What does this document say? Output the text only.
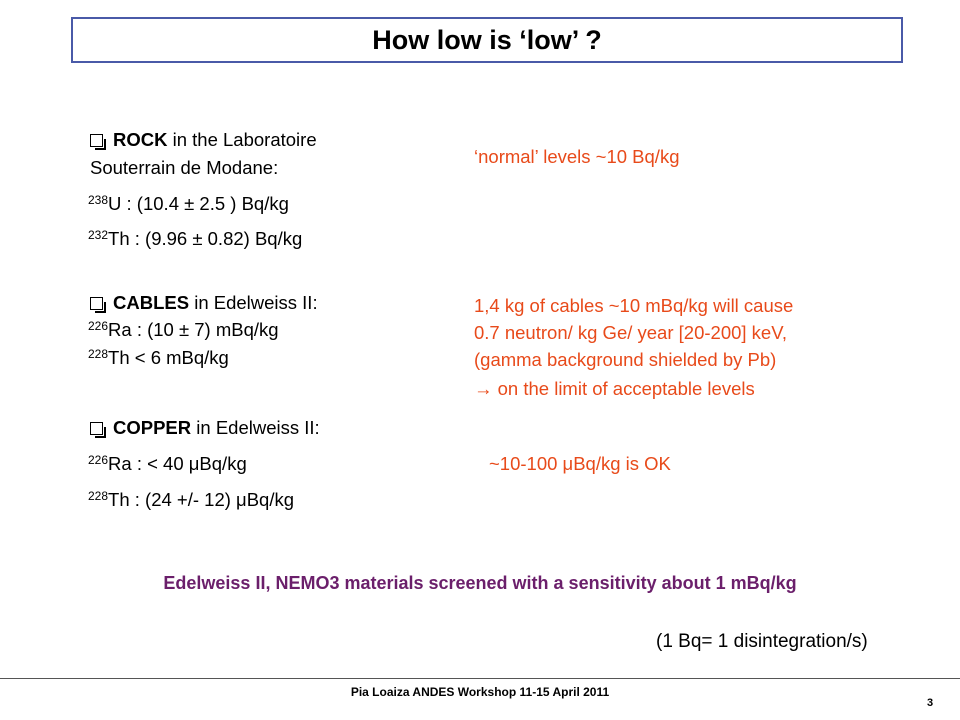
How low is ‘low’ ?
ROCK in the Laboratoire
Souterrain de Modane:
$^{238}$U : (10.4 ± 2.5 ) Bq/kg
$^{232}$Th : (9.96 ± 0.82) Bq/kg
‘normal’ levels ~10 Bq/kg
CABLES in Edelweiss II:
$^{226}$Ra : (10 ± 7) mBq/kg
$^{228}$Th < 6 mBq/kg
1,4 kg of cables ~10 mBq/kg will cause
0.7 neutron/ kg Ge/ year [20-200] keV,
(gamma background shielded by Pb)
→ on the limit of acceptable levels
COPPER in Edelweiss II:
$^{226}$Ra : < 40 μBq/kg
$^{228}$Th : (24 +/- 12) μBq/kg
~10-100 μBq/kg is OK
Edelweiss II, NEMO3 materials screened with a sensitivity about 1 mBq/kg
(1 Bq= 1 disintegration/s)
Pia Loaiza ANDES Workshop 11-15 April 2011
3
